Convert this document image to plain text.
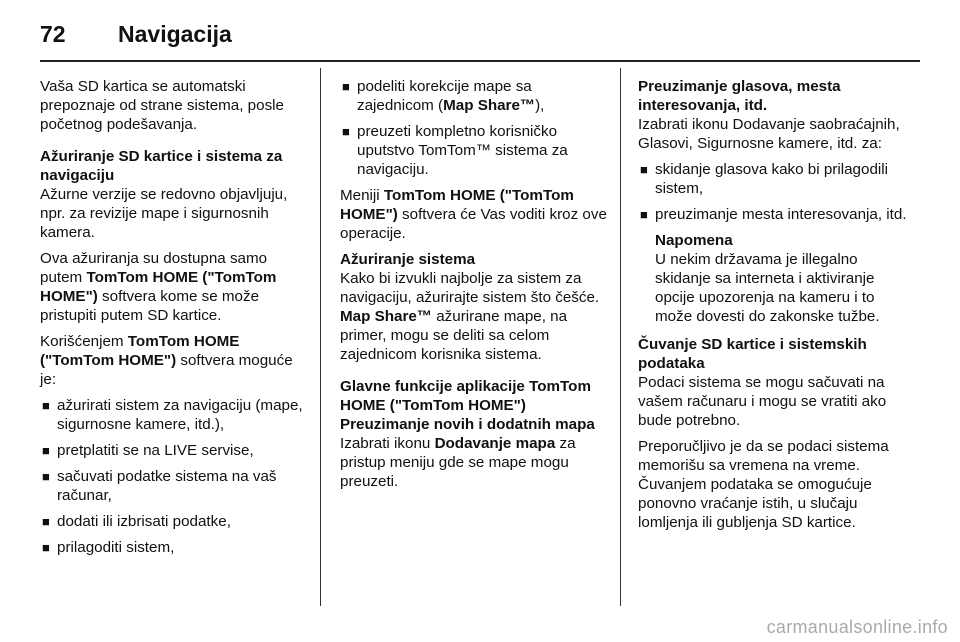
72	Navigacija

Vaša SD kartica se automatski prepoznaje od strane sistema, posle početnog podešavanja.

Ažuriranje SD kartice i sistema za navigaciju

Ažurne verzije se redovno objavljuju, npr. za revizije mape i sigurnosnih kamera.

Ova ažuriranja su dostupna samo putem TomTom HOME ("TomTom HOME") softvera kome se može pristupiti putem SD kartice.

Korišćenjem TomTom HOME ("TomTom HOME") softvera moguće je:

■ ažurirati sistem za navigaciju (mape, sigurnosne kamere, itd.),
■ pretplatiti se na LIVE servise,
■ sačuvati podatke sistema na vaš računar,
■ dodati ili izbrisati podatke,
■ prilagoditi sistem,
■ podeliti korekcije mape sa zajednicom (Map Share™),
■ preuzeti kompletno korisničko uputstvo TomTom™ sistema za navigaciju.

Meniji TomTom HOME ("TomTom HOME") softvera će Vas voditi kroz ove operacije.

Ažuriranje sistema

Kako bi izvukli najbolje za sistem za navigaciju, ažurirajte sistem što češće. Map Share™ ažurirane mape, na primer, mogu se deliti sa celom zajednicom korisnika sistema.

Glavne funkcije aplikacije TomTom HOME ("TomTom HOME")

Preuzimanje novih i dodatnih mapa

Izabrati ikonu Dodavanje mapa za pristup meniju gde se mape mogu preuzeti.

Preuzimanje glasova, mesta interesovanja, itd.

Izabrati ikonu Dodavanje saobraćajnih, Glasovi, Sigurnosne kamere, itd. za:

■ skidanje glasova kako bi prilagodili sistem,
■ preuzimanje mesta interesovanja, itd.
Napomena
U nekim državama je illegalno skidanje sa interneta i aktiviranje opcije upozorenja na kameru i to može dovesti do zakonske tužbe.

Čuvanje SD kartice i sistemskih podataka

Podaci sistema se mogu sačuvati na vašem računaru i mogu se vratiti ako bude potrebno.

Preporučljivo je da se podaci sistema memorišu sa vremena na vreme. Čuvanjem podataka se omogućuje ponovno vraćanje istih, u slučaju lomljenja ili gubljenja SD kartice.

carmanualsonline.info
